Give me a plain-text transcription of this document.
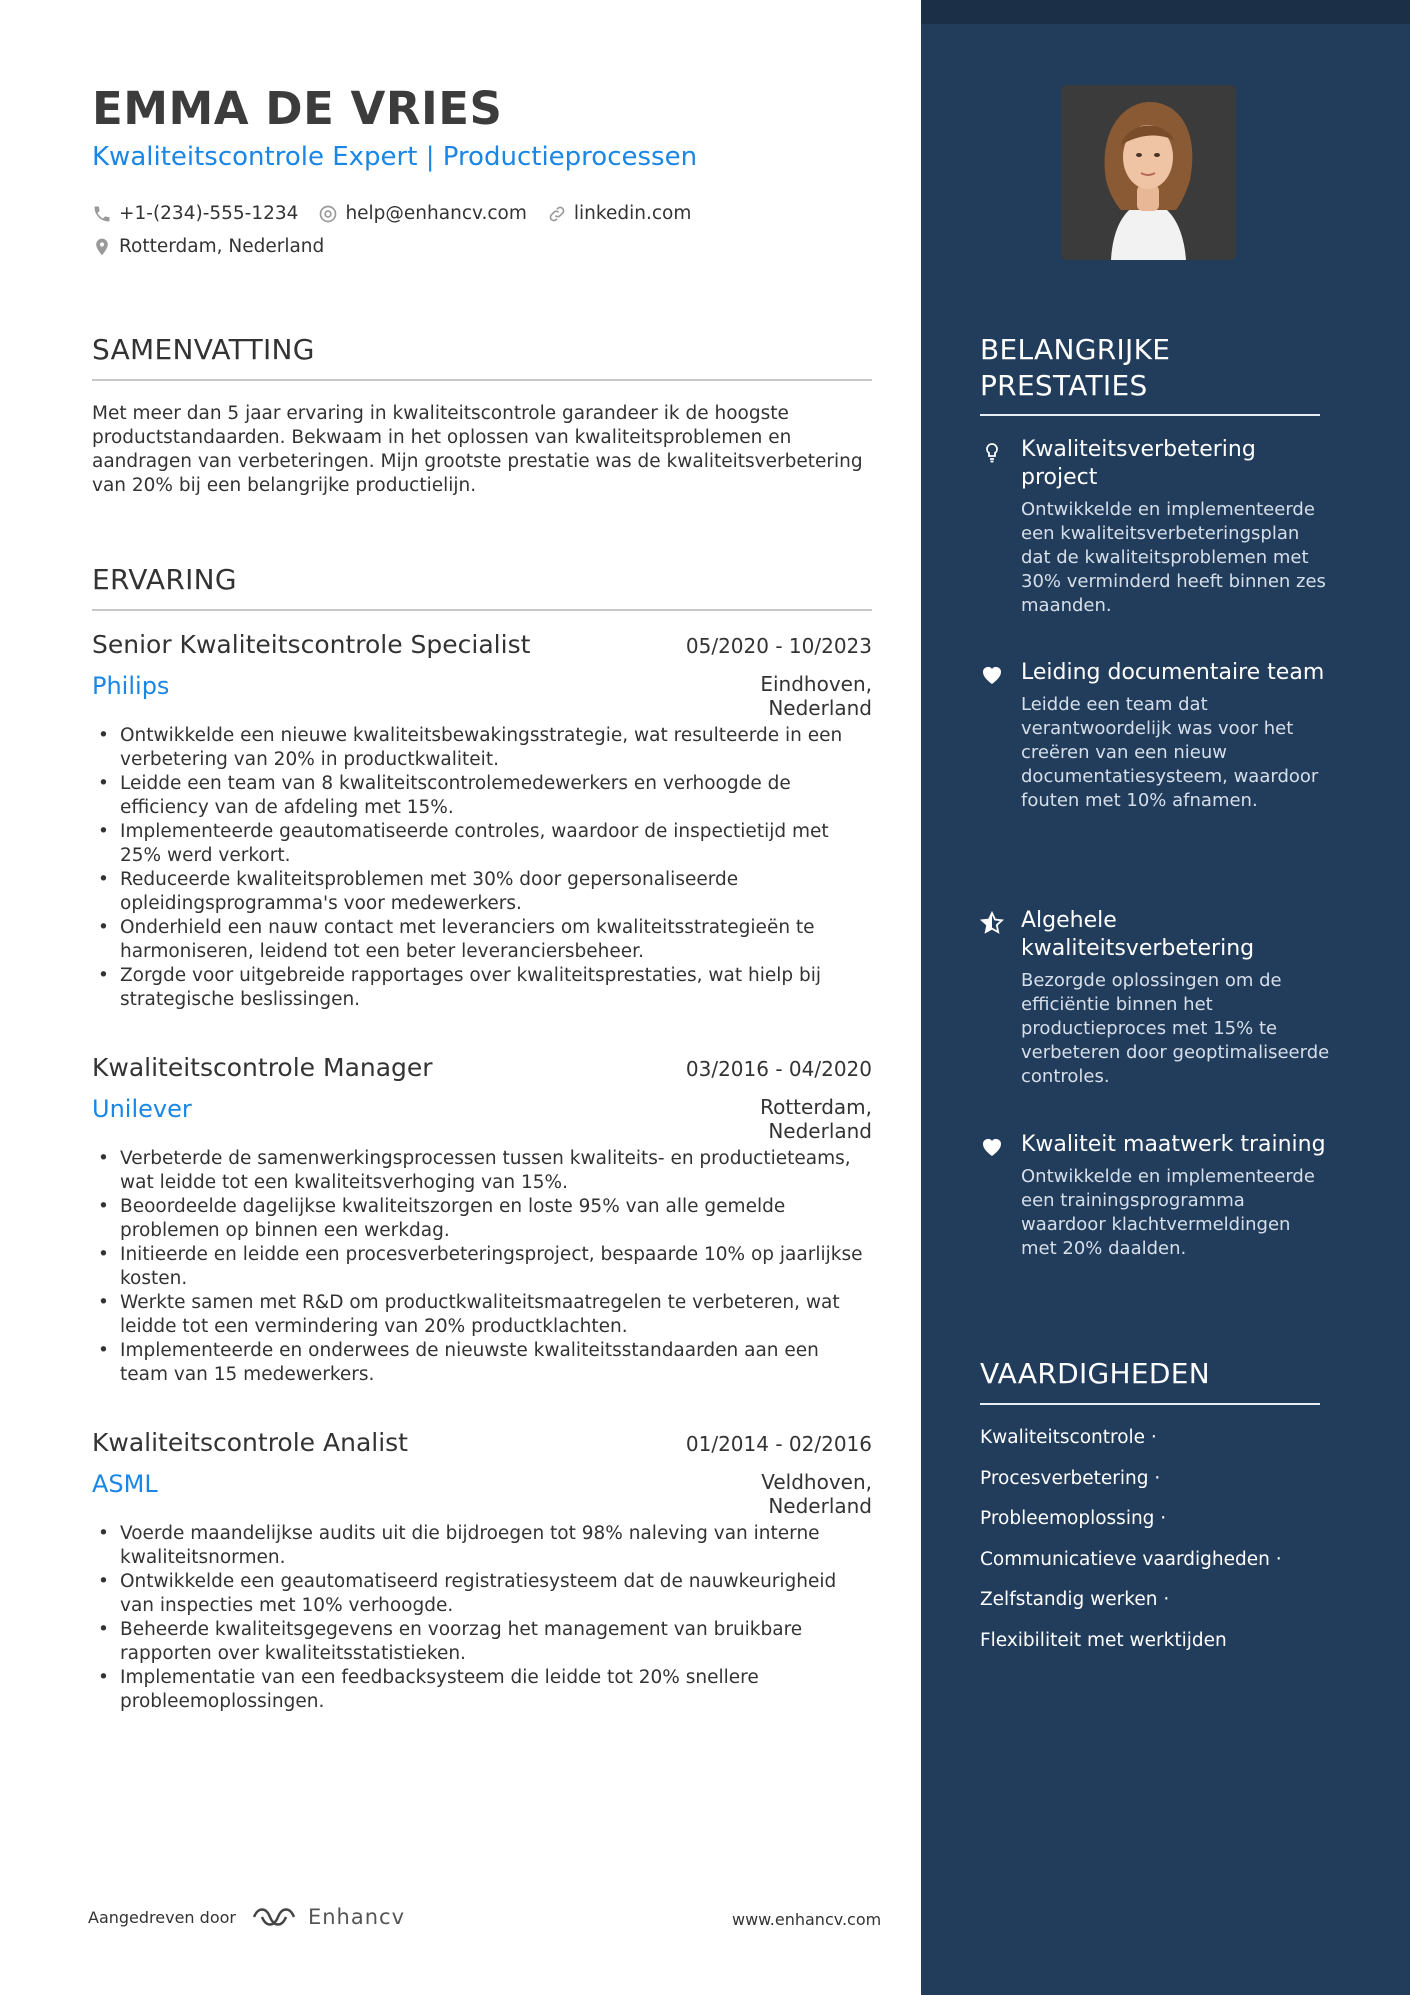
EMMA DE VRIES
Kwaliteitscontrole Expert | Productieprocessen
+1-(234)-555-1234	help@enhancv.com	linkedin.com
Rotterdam, Nederland
SAMENVATTING
Met meer dan 5 jaar ervaring in kwaliteitscontrole garandeer ik de hoogste productstandaarden. Bekwaam in het oplossen van kwaliteitsproblemen en aandragen van verbeteringen. Mijn grootste prestatie was de kwaliteitsverbetering van 20% bij een belangrijke productielijn.
ERVARING
Senior Kwaliteitscontrole Specialist	05/2020 - 10/2023
Philips	Eindhoven,
Nederland
• Ontwikkelde een nieuwe kwaliteitsbewakingsstrategie, wat resulteerde in een verbetering van 20% in productkwaliteit.
• Leidde een team van 8 kwaliteitscontrolemedewerkers en verhoogde de efficiency van de afdeling met 15%.
• Implementeerde geautomatiseerde controles, waardoor de inspectietijd met 25% werd verkort.
• Reduceerde kwaliteitsproblemen met 30% door gepersonaliseerde opleidingsprogramma's voor medewerkers.
• Onderhield een nauw contact met leveranciers om kwaliteitsstrategieën te harmoniseren, leidend tot een beter leveranciersbeheer.
• Zorgde voor uitgebreide rapportages over kwaliteitsprestaties, wat hielp bij strategische beslissingen.
Kwaliteitscontrole Manager	03/2016 - 04/2020
Unilever	Rotterdam,
Nederland
• Verbeterde de samenwerkingsprocessen tussen kwaliteits- en productieteams, wat leidde tot een kwaliteitsverhoging van 15%.
• Beoordeelde dagelijkse kwaliteitszorgen en loste 95% van alle gemelde problemen op binnen een werkdag.
• Initieerde en leidde een procesverbeteringsproject, bespaarde 10% op jaarlijkse kosten.
• Werkte samen met R&D om productkwaliteitsmaatregelen te verbeteren, wat leidde tot een vermindering van 20% productklachten.
• Implementeerde en onderwees de nieuwste kwaliteitsstandaarden aan een team van 15 medewerkers.
Kwaliteitscontrole Analist	01/2014 - 02/2016
ASML	Veldhoven,
Nederland
• Voerde maandelijkse audits uit die bijdroegen tot 98% naleving van interne kwaliteitsnormen.
• Ontwikkelde een geautomatiseerd registratiesysteem dat de nauwkeurigheid van inspecties met 10% verhoogde.
• Beheerde kwaliteitsgegevens en voorzag het management van bruikbare rapporten over kwaliteitsstatistieken.
• Implementatie van een feedbacksysteem die leidde tot 20% snellere probleemoplossingen.
Aangedreven door	Enhancv	www.enhancv.com
BELANGRIJKE
PRESTATIES
Kwaliteitsverbetering project
Ontwikkelde en implementeerde een kwaliteitsverbeteringsplan dat de kwaliteitsproblemen met 30% verminderd heeft binnen zes maanden.
Leiding documentaire team
Leidde een team dat verantwoordelijk was voor het creëren van een nieuw documentatiesysteem, waardoor fouten met 10% afnamen.
Algehele kwaliteitsverbetering
Bezorgde oplossingen om de efficiëntie binnen het productieproces met 15% te verbeteren door geoptimaliseerde controles.
Kwaliteit maatwerk training
Ontwikkelde en implementeerde een trainingsprogramma waardoor klachtvermeldingen met 20% daalden.
VAARDIGHEDEN
Kwaliteitscontrole ·
Procesverbetering ·
Probleemoplossing ·
Communicatieve vaardigheden ·
Zelfstandig werken ·
Flexibiliteit met werktijden
